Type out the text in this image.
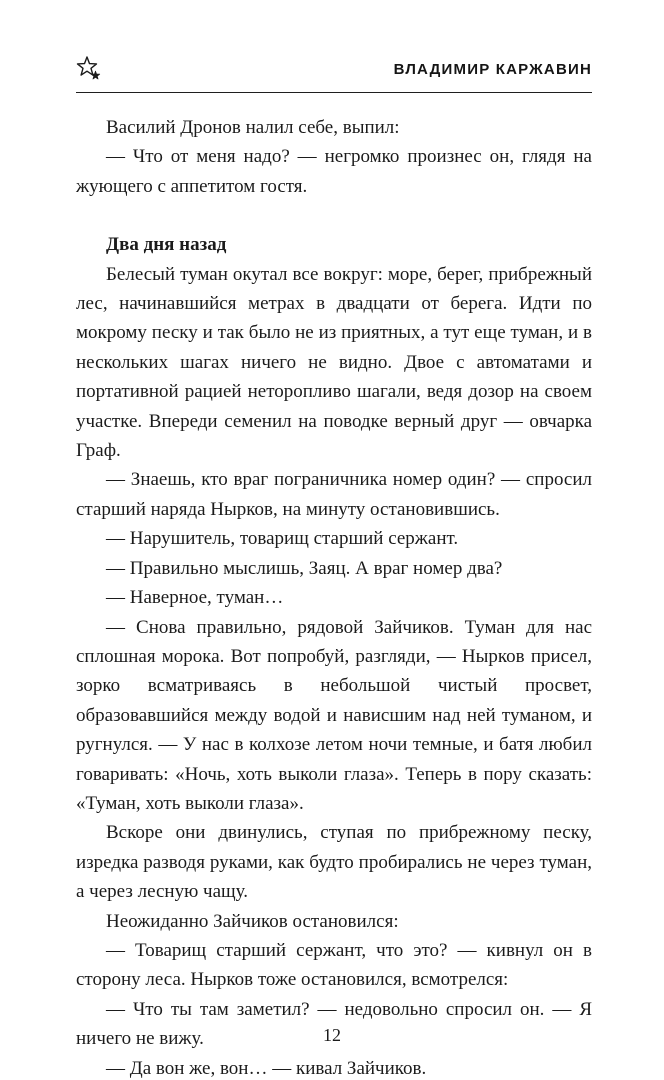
ВЛАДИМИР КАРЖАВИН

Василий Дронов налил себе, выпил:

— Что от меня надо? — негромко произнес он, глядя на жующего с аппетитом гостя.

Два дня назад

Белесый туман окутал все вокруг: море, берег, прибрежный лес, начинавшийся метрах в двадцати от берега. Идти по мокрому песку и так было не из приятных, а тут еще туман, и в нескольких шагах ничего не видно. Двое с автоматами и портативной рацией неторопливо шагали, ведя дозор на своем участке. Впереди семенил на поводке верный друг — овчарка Граф.

— Знаешь, кто враг пограничника номер один? — спросил старший наряда Нырков, на минуту остановившись.

— Нарушитель, товарищ старший сержант.

— Правильно мыслишь, Заяц. А враг номер два?

— Наверное, туман…

— Снова правильно, рядовой Зайчиков. Туман для нас сплошная морока. Вот попробуй, разгляди, — Нырков присел, зорко всматриваясь в небольшой чистый просвет, образовавшийся между водой и нависшим над ней туманом, и ругнулся. — У нас в колхозе летом ночи темные, и батя любил говаривать: «Ночь, хоть выколи глаза». Теперь в пору сказать: «Туман, хоть выколи глаза».

Вскоре они двинулись, ступая по прибрежному песку, изредка разводя руками, как будто пробирались не через туман, а через лесную чащу.

Неожиданно Зайчиков остановился:

— Товарищ старший сержант, что это? — кивнул он в сторону леса. Нырков тоже остановился, всмотрелся:

— Что ты там заметил? — недовольно спросил он. — Я ничего не вижу.

— Да вон же, вон… — кивал Зайчиков.

12
